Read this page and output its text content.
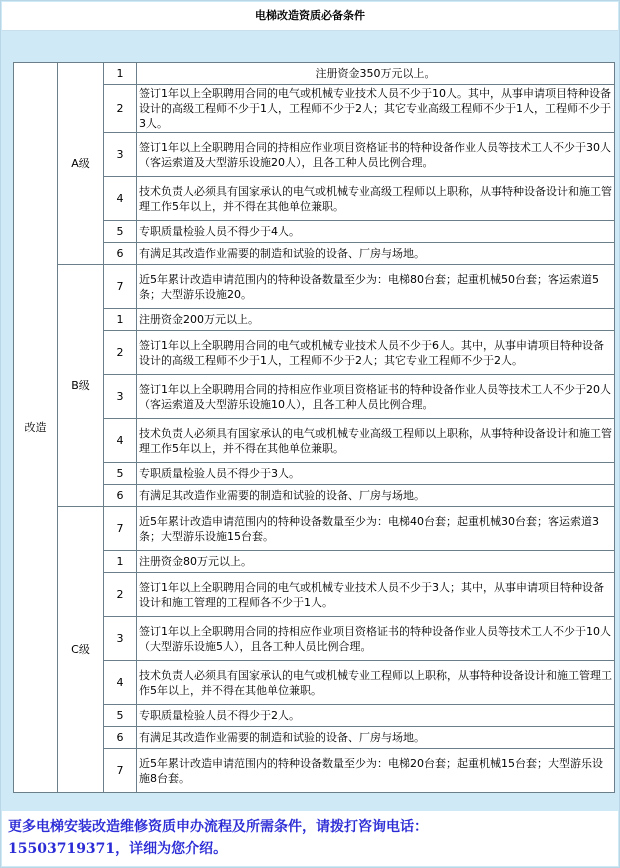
电梯改造资质必备条件
改造	A级	1	注册资金350万元以上。
		2	签订1年以上全职聘用合同的电气或机械专业技术人员不少于10人。其中，从事申请项目特种设备设计的高级工程师不少于1人，工程师不少于2人；其它专业高级工程师不少于1人，工程师不少于3人。
		3	签订1年以上全职聘用合同的持相应作业项目资格证书的特种设备作业人员等技术工人不少于30人（客运索道及大型游乐设施20人），且各工种人员比例合理。
		4	技术负责人必须具有国家承认的电气或机械专业高级工程师以上职称，从事特种设备设计和施工管理工作5年以上，并不得在其他单位兼职。
		5	专职质量检验人员不得少于4人。
		6	有满足其改造作业需要的制造和试验的设备、厂房与场地。
	B级	7	近5年累计改造申请范围内的特种设备数量至少为：电梯80台套；起重机械50台套；客运索道5条；大型游乐设施20。
		1	注册资金200万元以上。
		2	签订1年以上全职聘用合同的电气或机械专业技术人员不少于6人。其中，从事申请项目特种设备设计的高级工程师不少于1人，工程师不少于2人；其它专业工程师不少于2人。
		3	签订1年以上全职聘用合同的持相应作业项目资格证书的特种设备作业人员等技术工人不少于20人（客运索道及大型游乐设施10人），且各工种人员比例合理。
		4	技术负责人必须具有国家承认的电气或机械专业高级工程师以上职称，从事特种设备设计和施工管理工作5年以上，并不得在其他单位兼职。
		5	专职质量检验人员不得少于3人。
		6	有满足其改造作业需要的制造和试验的设备、厂房与场地。
	C级	7	近5年累计改造申请范围内的特种设备数量至少为：电梯40台套；起重机械30台套；客运索道3条；大型游乐设施15台套。
		1	注册资金80万元以上。
		2	签订1年以上全职聘用合同的电气或机械专业技术人员不少于3人；其中，从事申请项目特种设备设计和施工管理的工程师各不少于1人。
		3	签订1年以上全职聘用合同的持相应作业项目资格证书的特种设备作业人员等技术工人不少于10人（大型游乐设施5人），且各工种人员比例合理。
		4	技术负责人必须具有国家承认的电气或机械专业工程师以上职称，从事特种设备设计和施工管理工作5年以上，并不得在其他单位兼职。
		5	专职质量检验人员不得少于2人。
		6	有满足其改造作业需要的制造和试验的设备、厂房与场地。
		7	近5年累计改造申请范围内的特种设备数量至少为：电梯20台套；起重机械15台套；大型游乐设施8台套。
更多电梯安装改造维修资质申办流程及所需条件，请拨打咨询电话：
15503719371，详细为您介绍。
